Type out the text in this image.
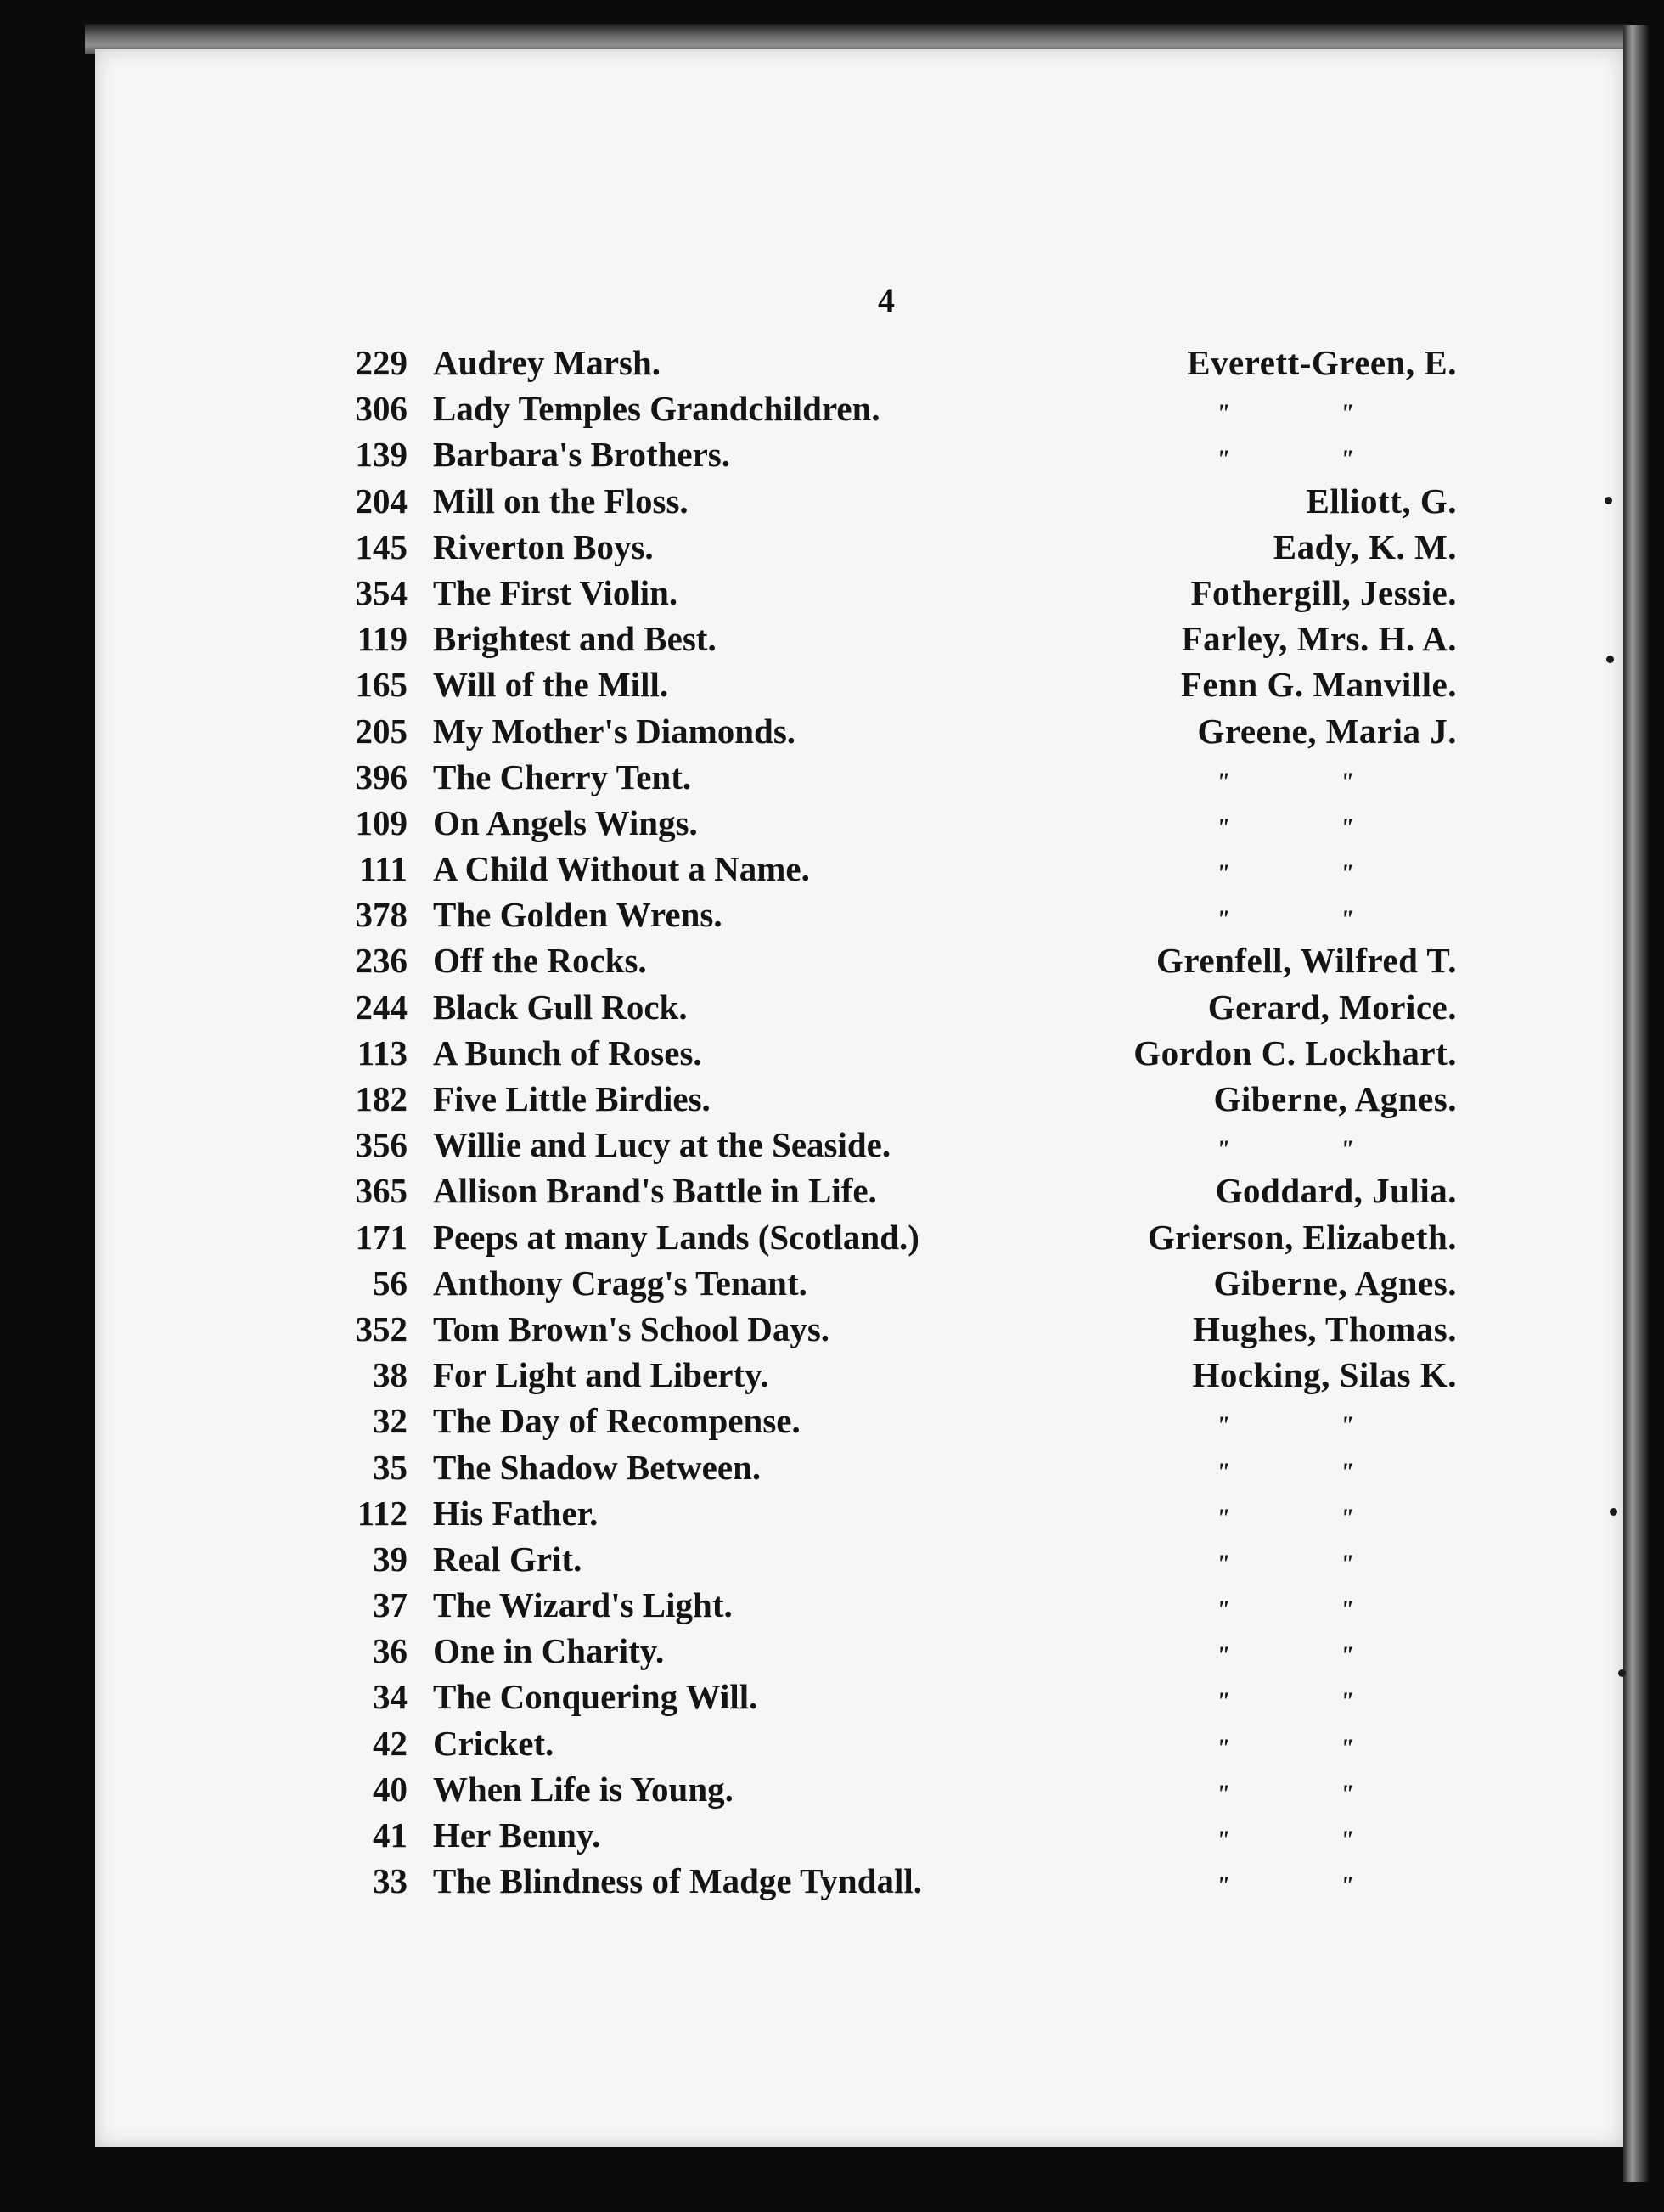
4
229 Audrey Marsh.	Everett-Green, E.
306 Lady Temples Grandchildren.	"	"
139 Barbara's Brothers.	"	"
204 Mill on the Floss.	Elliott, G.
145 Riverton Boys.	Eady, K. M.
354 The First Violin.	Fothergill, Jessie.
119 Brightest and Best.	Farley, Mrs. H. A.
165 Will of the Mill.	Fenn G. Manville.
205 My Mother's Diamonds.	Greene, Maria J.
396 The Cherry Tent.	"	"
109 On Angels Wings.	"	"
111 A Child Without a Name.	"	"
378 The Golden Wrens.	"	"
236 Off the Rocks.	Grenfell, Wilfred T.
244 Black Gull Rock.	Gerard, Morice.
113 A Bunch of Roses.	Gordon C. Lockhart.
182 Five Little Birdies.	Giberne, Agnes.
356 Willie and Lucy at the Seaside.	"	"
365 Allison Brand's Battle in Life.	Goddard, Julia.
171 Peeps at many Lands (Scotland.)	Grierson, Elizabeth.
56 Anthony Cragg's Tenant.	Giberne, Agnes.
352 Tom Brown's School Days.	Hughes, Thomas.
38 For Light and Liberty.	Hocking, Silas K.
32 The Day of Recompense.	"	"
35 The Shadow Between.	"	"
112 His Father.	"	"
39 Real Grit.	"	"
37 The Wizard's Light.	"	"
36 One in Charity.	"	"
34 The Conquering Will.	"	"
42 Cricket.	"	"
40 When Life is Young.	"	"
41 Her Benny.	"	"
33 The Blindness of Madge Tyndall.	"	"
